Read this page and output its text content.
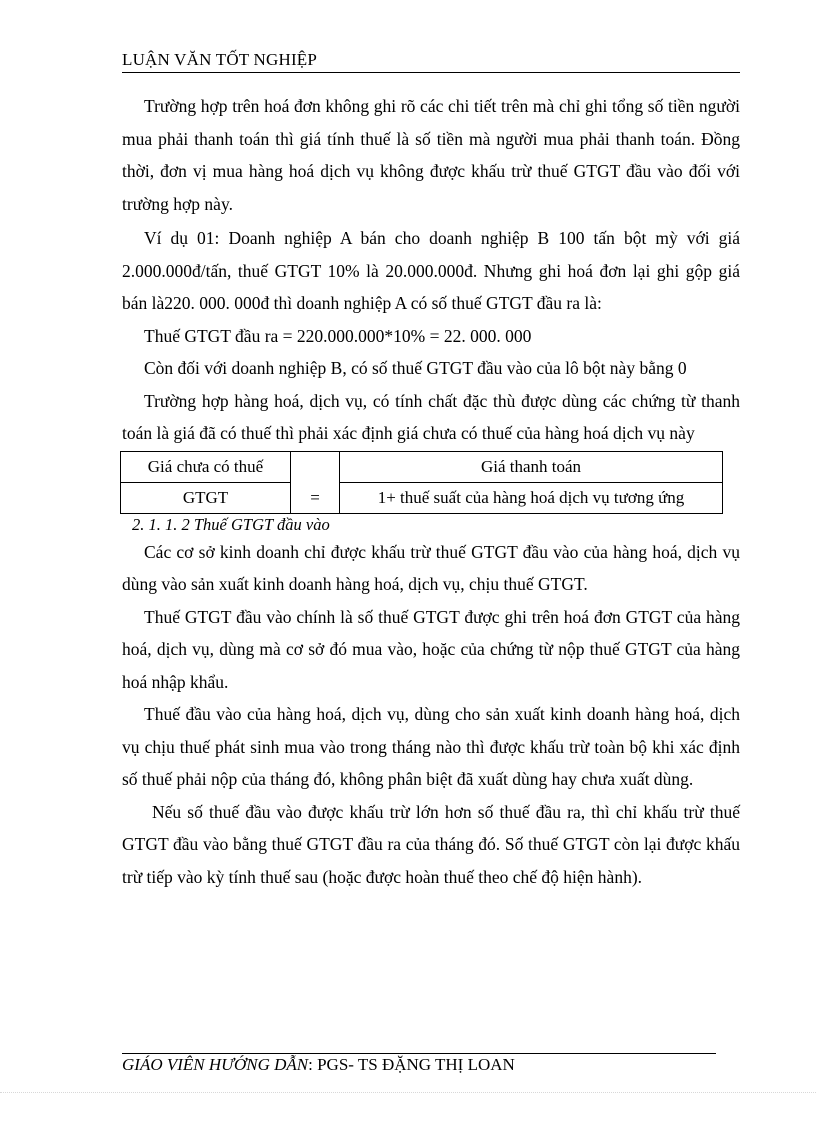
LUẬN VĂN TỐT NGHIỆP

Trường hợp trên hoá đơn không ghi rõ các chi tiết trên mà chỉ ghi tổng số tiền người mua phải thanh toán thì giá tính thuế là số tiền mà người mua phải thanh toán. Đồng thời, đơn vị mua hàng hoá dịch vụ không được khấu trừ thuế GTGT đầu vào đối với trường hợp này.

Ví dụ 01: Doanh nghiệp A bán cho doanh nghiệp B 100 tấn bột mỳ với giá 2.000.000đ/tấn, thuế GTGT 10% là 20.000.000đ. Nhưng ghi hoá đơn lại ghi gộp giá bán là220. 000. 000đ thì doanh nghiệp A có số thuế GTGT đầu ra là:

Thuế GTGT đầu ra = 220.000.000*10% = 22. 000. 000

Còn đối với doanh nghiệp B, có số thuế GTGT đầu vào của lô bột này bằng 0

Trường hợp hàng hoá, dịch vụ, có tính chất đặc thù được dùng các chứng từ thanh toán là giá đã có thuế thì phải xác định giá chưa có thuế của hàng hoá dịch vụ này

Giá chưa có thuế	=	Giá thanh toán
GTGT		1+ thuế suất của hàng hoá dịch vụ tương ứng

2. 1. 1. 2 Thuế GTGT đầu vào

Các cơ sở kinh doanh chỉ được khấu trừ thuế GTGT đầu vào của hàng hoá, dịch vụ dùng vào sản xuất kinh doanh hàng hoá, dịch vụ, chịu thuế GTGT.

Thuế GTGT đầu vào chính là số thuế GTGT được ghi trên hoá đơn GTGT của hàng hoá, dịch vụ, dùng mà cơ sở đó mua vào, hoặc của chứng từ nộp thuế GTGT của hàng hoá nhập khẩu.

Thuế đầu vào của hàng hoá, dịch vụ, dùng cho sản xuất kinh doanh hàng hoá, dịch vụ chịu thuế phát sinh mua vào trong tháng nào thì được khấu trừ toàn bộ khi xác định số thuế phải nộp của tháng đó, không phân biệt đã xuất dùng hay chưa xuất dùng.

Nếu số thuế đầu vào được khấu trừ lớn hơn số thuế đầu ra, thì chỉ khấu trừ thuế GTGT đầu vào bằng thuế GTGT đầu ra của tháng đó. Số thuế GTGT còn lại được khấu trừ tiếp vào kỳ tính thuế sau (hoặc được hoàn thuế theo chế độ hiện hành).

GIÁO VIÊN HƯỚNG DẪN: PGS- TS ĐẶNG THỊ LOAN
